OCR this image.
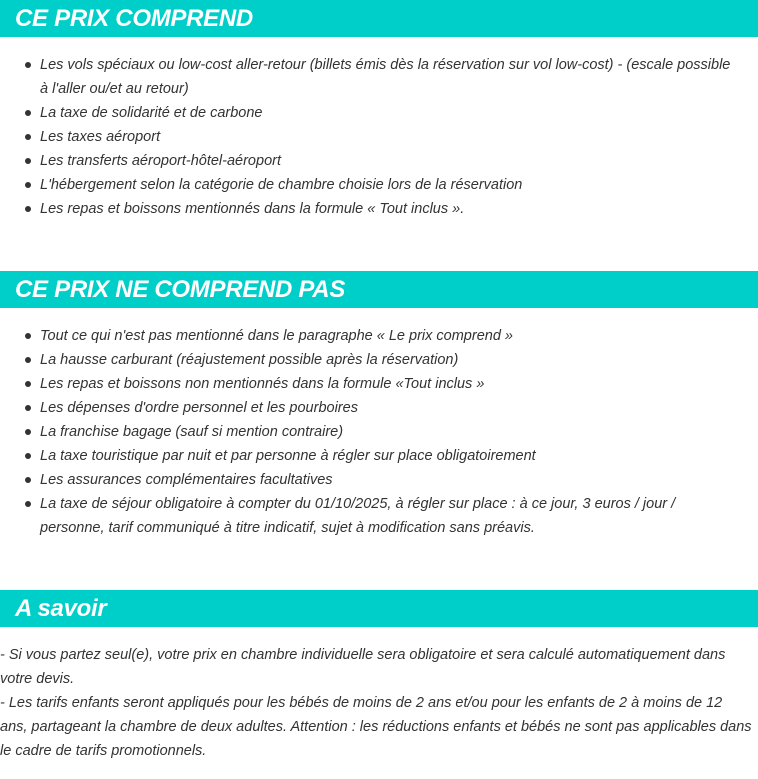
CE PRIX COMPREND
Les vols spéciaux ou low-cost aller-retour (billets émis dès la réservation sur vol low-cost) - (escale possible à l'aller ou/et au retour)
La taxe de solidarité et de carbone
Les taxes aéroport
Les transferts aéroport-hôtel-aéroport
L'hébergement selon la catégorie de chambre choisie lors de la réservation
Les repas et boissons mentionnés dans la formule « Tout inclus ».
CE PRIX NE COMPREND PAS
Tout ce qui n'est pas mentionné dans le paragraphe « Le prix comprend »
La hausse carburant (réajustement possible après la réservation)
Les repas et boissons non mentionnés dans la formule «Tout inclus »
Les dépenses d'ordre personnel et les pourboires
La franchise bagage (sauf si mention contraire)
La taxe touristique par nuit et par personne à régler sur place obligatoirement
Les assurances complémentaires facultatives
La taxe de séjour obligatoire à compter du 01/10/2025, à régler sur place : à ce jour, 3 euros / jour / personne, tarif communiqué à titre indicatif, sujet à modification sans préavis.
A savoir

- Si vous partez seul(e), votre prix en chambre individuelle sera obligatoire et sera calculé automatiquement dans votre devis.

- Les tarifs enfants seront appliqués pour les bébés de moins de 2 ans et/ou pour les enfants de 2 à moins de 12 ans, partageant la chambre de deux adultes. Attention : les réductions enfants et bébés ne sont pas applicables dans le cadre de tarifs promotionnels.
